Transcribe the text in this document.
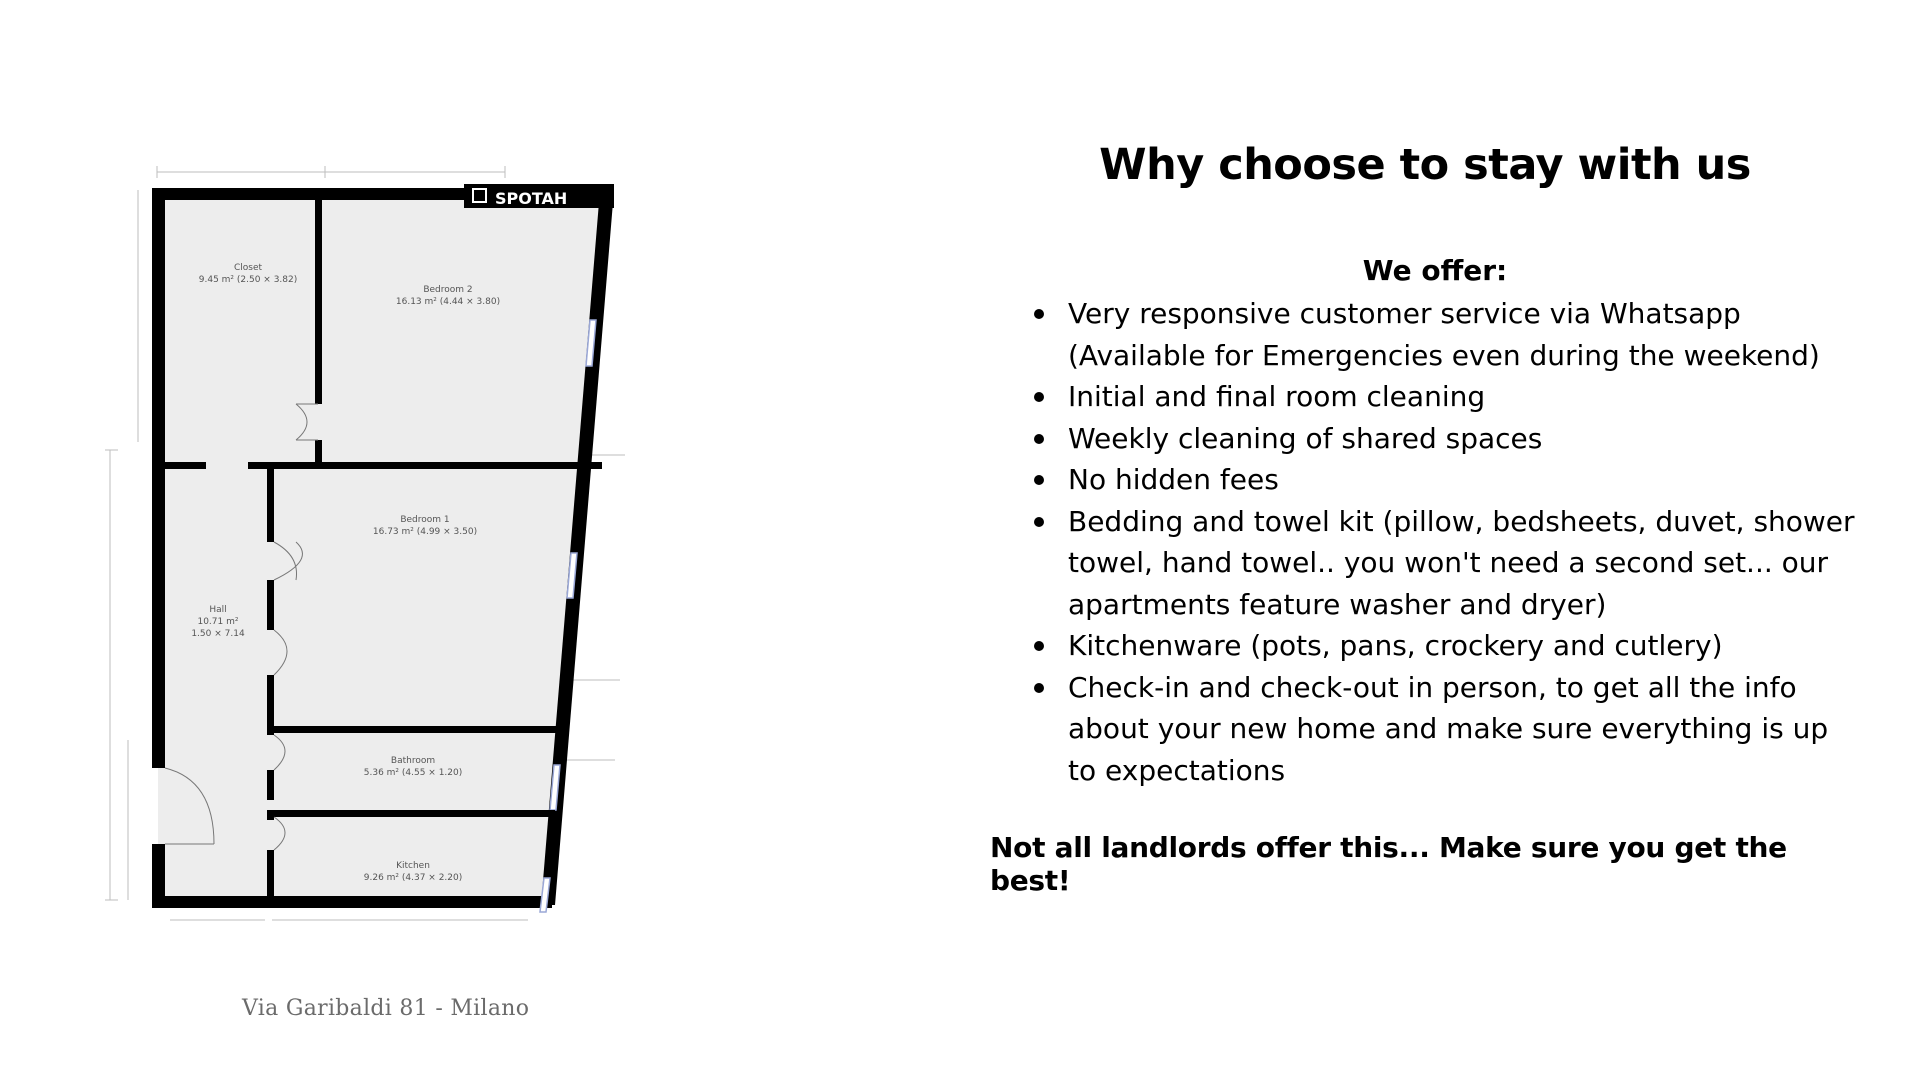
SPOTAH
Closet
9.45 m² (2.50 × 3.82)
Bedroom 2
16.13 m² (4.44 × 3.80)
Bedroom 1
16.73 m² (4.99 × 3.50)
Hall
10.71 m²
1.50 × 7.14
Bathroom
5.36 m² (4.55 × 1.20)
Kitchen
9.26 m² (4.37 × 2.20)
Via Garibaldi 81 - Milano
Why choose to stay with us
We offer:
Very responsive customer service via Whatsapp (Available for Emergencies even during the weekend)
Initial and final room cleaning
Weekly cleaning of shared spaces
No hidden fees
Bedding and towel kit (pillow, bedsheets, duvet, shower towel, hand towel.. you won't need a second set... our apartments feature washer and dryer)
Kitchenware (pots, pans, crockery and cutlery)
Check-in and check-out in person, to get all the info about your new home and make sure everything is up to expectations

Not all landlords offer this... Make sure you get the best!
